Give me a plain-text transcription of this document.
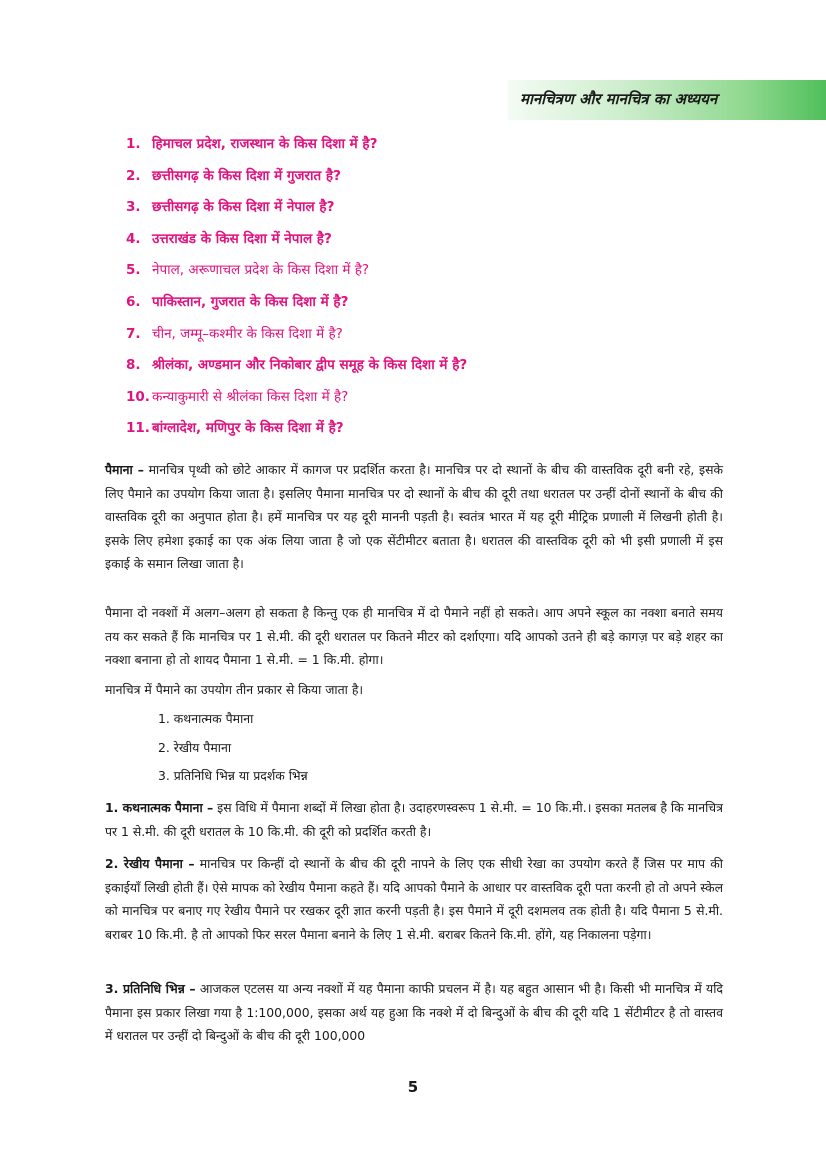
मानचित्रण और मानचित्र का अध्ययन
1. हिमाचल प्रदेश, राजस्थान के किस दिशा में है?
2. छत्तीसगढ़ के किस दिशा में गुजरात है?
3. छत्तीसगढ़ के किस दिशा में नेपाल है?
4. उत्तराखंड के किस दिशा में नेपाल है?
5. नेपाल, अरूणाचल प्रदेश के किस दिशा में है?
6. पाकिस्तान, गुजरात के किस दिशा में है?
7. चीन, जम्मू–कश्मीर के किस दिशा में है?
8. श्रीलंका, अण्डमान और निकोबार द्वीप समूह के किस दिशा में है?
10. कन्याकुमारी से श्रीलंका किस दिशा में है?
11. बांग्लादेश, मणिपुर के किस दिशा में है?
पैमाना – मानचित्र पृथ्वी को छोटे आकार में कागज पर प्रदर्शित करता है। मानचित्र पर दो स्थानों के बीच की वास्तविक दूरी बनी रहे, इसके लिए पैमाने का उपयोग किया जाता है। इसलिए पैमाना मानचित्र पर दो स्थानों के बीच की दूरी तथा धरातल पर उन्हीं दोनों स्थानों के बीच की वास्तविक दूरी का अनुपात होता है। हमें मानचित्र पर यह दूरी माननी पड़ती है। स्वतंत्र भारत में यह दूरी मीट्रिक प्रणाली में लिखनी होती है। इसके लिए हमेशा इकाई का एक अंक लिया जाता है जो एक सेंटीमीटर बताता है। धरातल की वास्तविक दूरी को भी इसी प्रणाली में इस इकाई के समान लिखा जाता है।
पैमाना दो नक्शों में अलग–अलग हो सकता है किन्तु एक ही मानचित्र में दो पैमाने नहीं हो सकते। आप अपने स्कूल का नक्शा बनाते समय तय कर सकते हैं कि मानचित्र पर 1 से.मी. की दूरी धरातल पर कितने मीटर को दर्शाएगा। यदि आपको उतने ही बड़े कागज़ पर बड़े शहर का नक्शा बनाना हो तो शायद पैमाना 1 से.मी. = 1 कि.मी. होगा।
मानचित्र में पैमाने का उपयोग तीन प्रकार से किया जाता है।
1. कथनात्मक पैमाना
2. रेखीय पैमाना
3. प्रतिनिधि भिन्न या प्रदर्शक भिन्न
1. कथनात्मक पैमाना – इस विधि में पैमाना शब्दों में लिखा होता है। उदाहरणस्वरूप 1 से.मी. = 10 कि.मी.। इसका मतलब है कि मानचित्र पर 1 से.मी. की दूरी धरातल के 10 कि.मी. की दूरी को प्रदर्शित करती है।
2. रेखीय पैमाना – मानचित्र पर किन्हीं दो स्थानों के बीच की दूरी नापने के लिए एक सीधी रेखा का उपयोग करते हैं जिस पर माप की इकाईयाँ लिखी होती हैं। ऐसे मापक को रेखीय पैमाना कहते हैं। यदि आपको पैमाने के आधार पर वास्तविक दूरी पता करनी हो तो अपने स्केल को मानचित्र पर बनाए गए रेखीय पैमाने पर रखकर दूरी ज्ञात करनी पड़ती है। इस पैमाने में दूरी दशमलव तक होती है। यदि पैमाना 5 से.मी. बराबर 10 कि.मी. है तो आपको फिर सरल पैमाना बनाने के लिए 1 से.मी. बराबर कितने कि.मी. होंगे, यह निकालना पड़ेगा।
3. प्रतिनिधि भिन्न – आजकल एटलस या अन्य नक्शों में यह पैमाना काफी प्रचलन में है। यह बहुत आसान भी है। किसी भी मानचित्र में यदि पैमाना इस प्रकार लिखा गया है 1:100,000, इसका अर्थ यह हुआ कि नक्शे में दो बिन्दुओं के बीच की दूरी यदि 1 सेंटीमीटर है तो वास्तव में धरातल पर उन्हीं दो बिन्दुओं के बीच की दूरी 100,000
5
